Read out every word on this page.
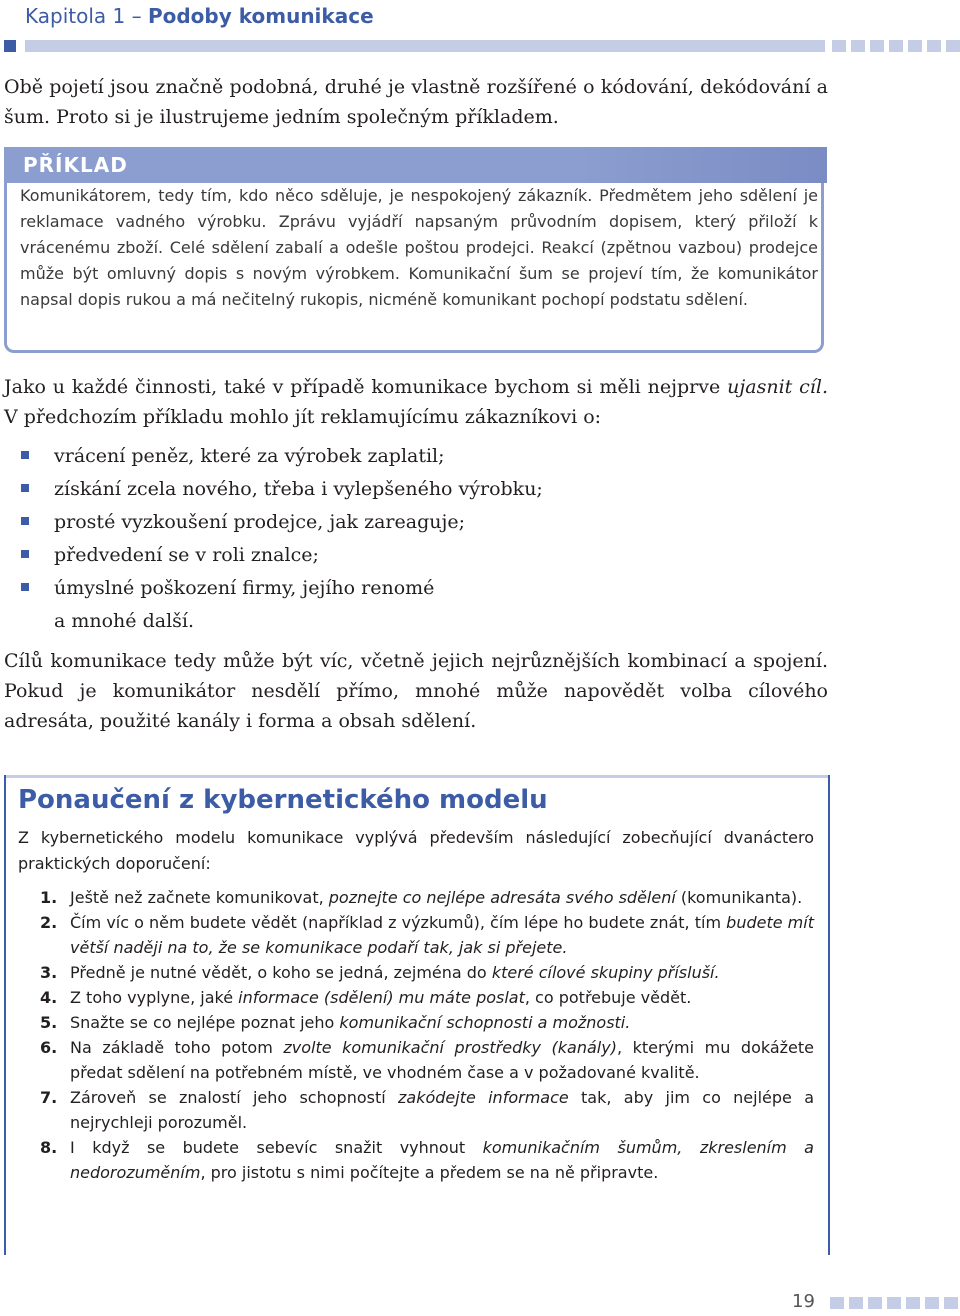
Kapitola 1 – Podoby komunikace
Obě pojetí jsou značně podobná, druhé je vlastně rozšířené o kódování, dekódování a šum. Proto si je ilustrujeme jedním společným příkladem.
PŘÍKLAD
Komunikátorem, tedy tím, kdo něco sděluje, je nespokojený zákazník. Předmětem jeho sdělení je reklamace vadného výrobku. Zprávu vyjádří napsaným průvodním dopisem, který přiloží k vrácenému zboží. Celé sdělení zabalí a odešle poštou prodejci. Reakcí (zpětnou vazbou) prodejce může být omluvný dopis s novým výrobkem. Komunikační šum se projeví tím, že komunikátor napsal dopis rukou a má nečitelný rukopis, nicméně komunikant pochopí podstatu sdělení.
Jako u každé činnosti, také v případě komunikace bychom si měli nejprve ujasnit cíl. V předchozím příkladu mohlo jít reklamujícímu zákazníkovi o:
vrácení peněz, které za výrobek zaplatil;
získání zcela nového, třeba i vylepšeného výrobku;
prosté vyzkoušení prodejce, jak zareaguje;
předvedení se v roli znalce;
úmyslné poškození firmy, jejího renomé
a mnohé další.
Cílů komunikace tedy může být víc, včetně jejich nejrůznějších kombinací a spojení. Pokud je komunikátor nesdělí přímo, mnohé může napovědět volba cílového adresáta, použité kanály i forma a obsah sdělení.
Ponaučení z kybernetického modelu
Z kybernetického modelu komunikace vyplývá především následující zobecňující dvanáctero praktických doporučení:
1. Ještě než začnete komunikovat, poznejte co nejlépe adresáta svého sdělení (komunikanta).
2. Čím víc o něm budete vědět (například z výzkumů), čím lépe ho budete znát, tím budete mít větší naději na to, že se komunikace podaří tak, jak si přejete.
3. Předně je nutné vědět, o koho se jedná, zejména do které cílové skupiny přísluší.
4. Z toho vyplyne, jaké informace (sdělení) mu máte poslat, co potřebuje vědět.
5. Snažte se co nejlépe poznat jeho komunikační schopnosti a možnosti.
6. Na základě toho potom zvolte komunikační prostředky (kanály), kterými mu dokážete předat sdělení na potřebném místě, ve vhodném čase a v požadované kvalitě.
7. Zároveň se znalostí jeho schopností zakódejte informace tak, aby jim co nejlépe a nejrychleji porozuměl.
8. I když se budete sebevíc snažit vyhnout komunikačním šumům, zkreslením a nedorozuměním, pro jistotu s nimi počítejte a předem se na ně připravte.
19
